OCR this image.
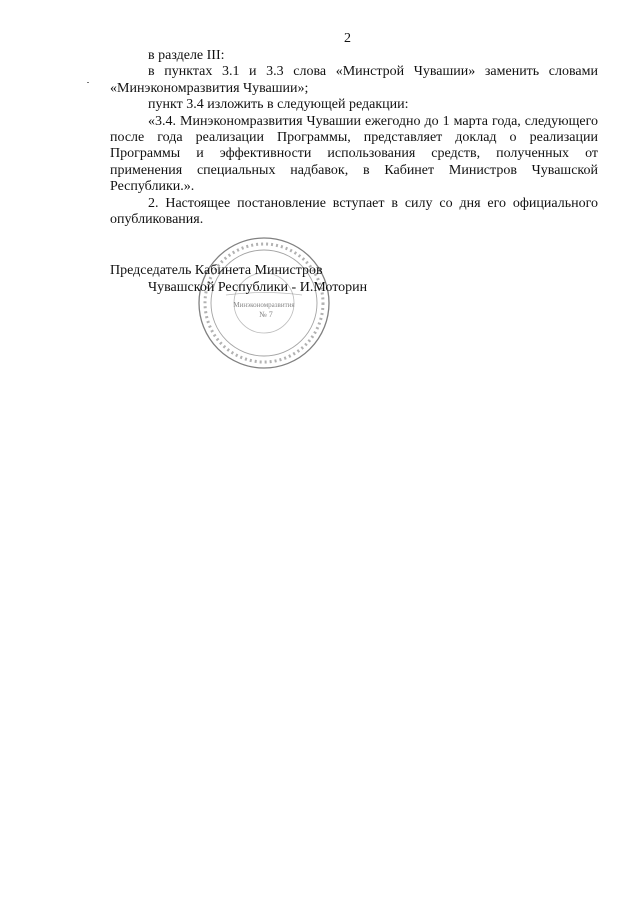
2

в разделе III:

в пунктах 3.1 и 3.3 слова «Минстрой Чувашии» заменить словами «Минэкономразвития Чувашии»;

пункт 3.4 изложить в следующей редакции:

«3.4. Минэкономразвития Чувашии ежегодно до 1 марта года, следующего после года реализации Программы, представляет доклад о реализации Программы и эффективности использования средств, полученных от применения специальных надбавок, в Кабинет Министров Чувашской Республики.».

2. Настоящее постановление вступает в силу со дня его официального опубликования.

Минэкономразвития
№ 7
Председатель Кабинета Министров
Чувашской Республики - И.Моторин
